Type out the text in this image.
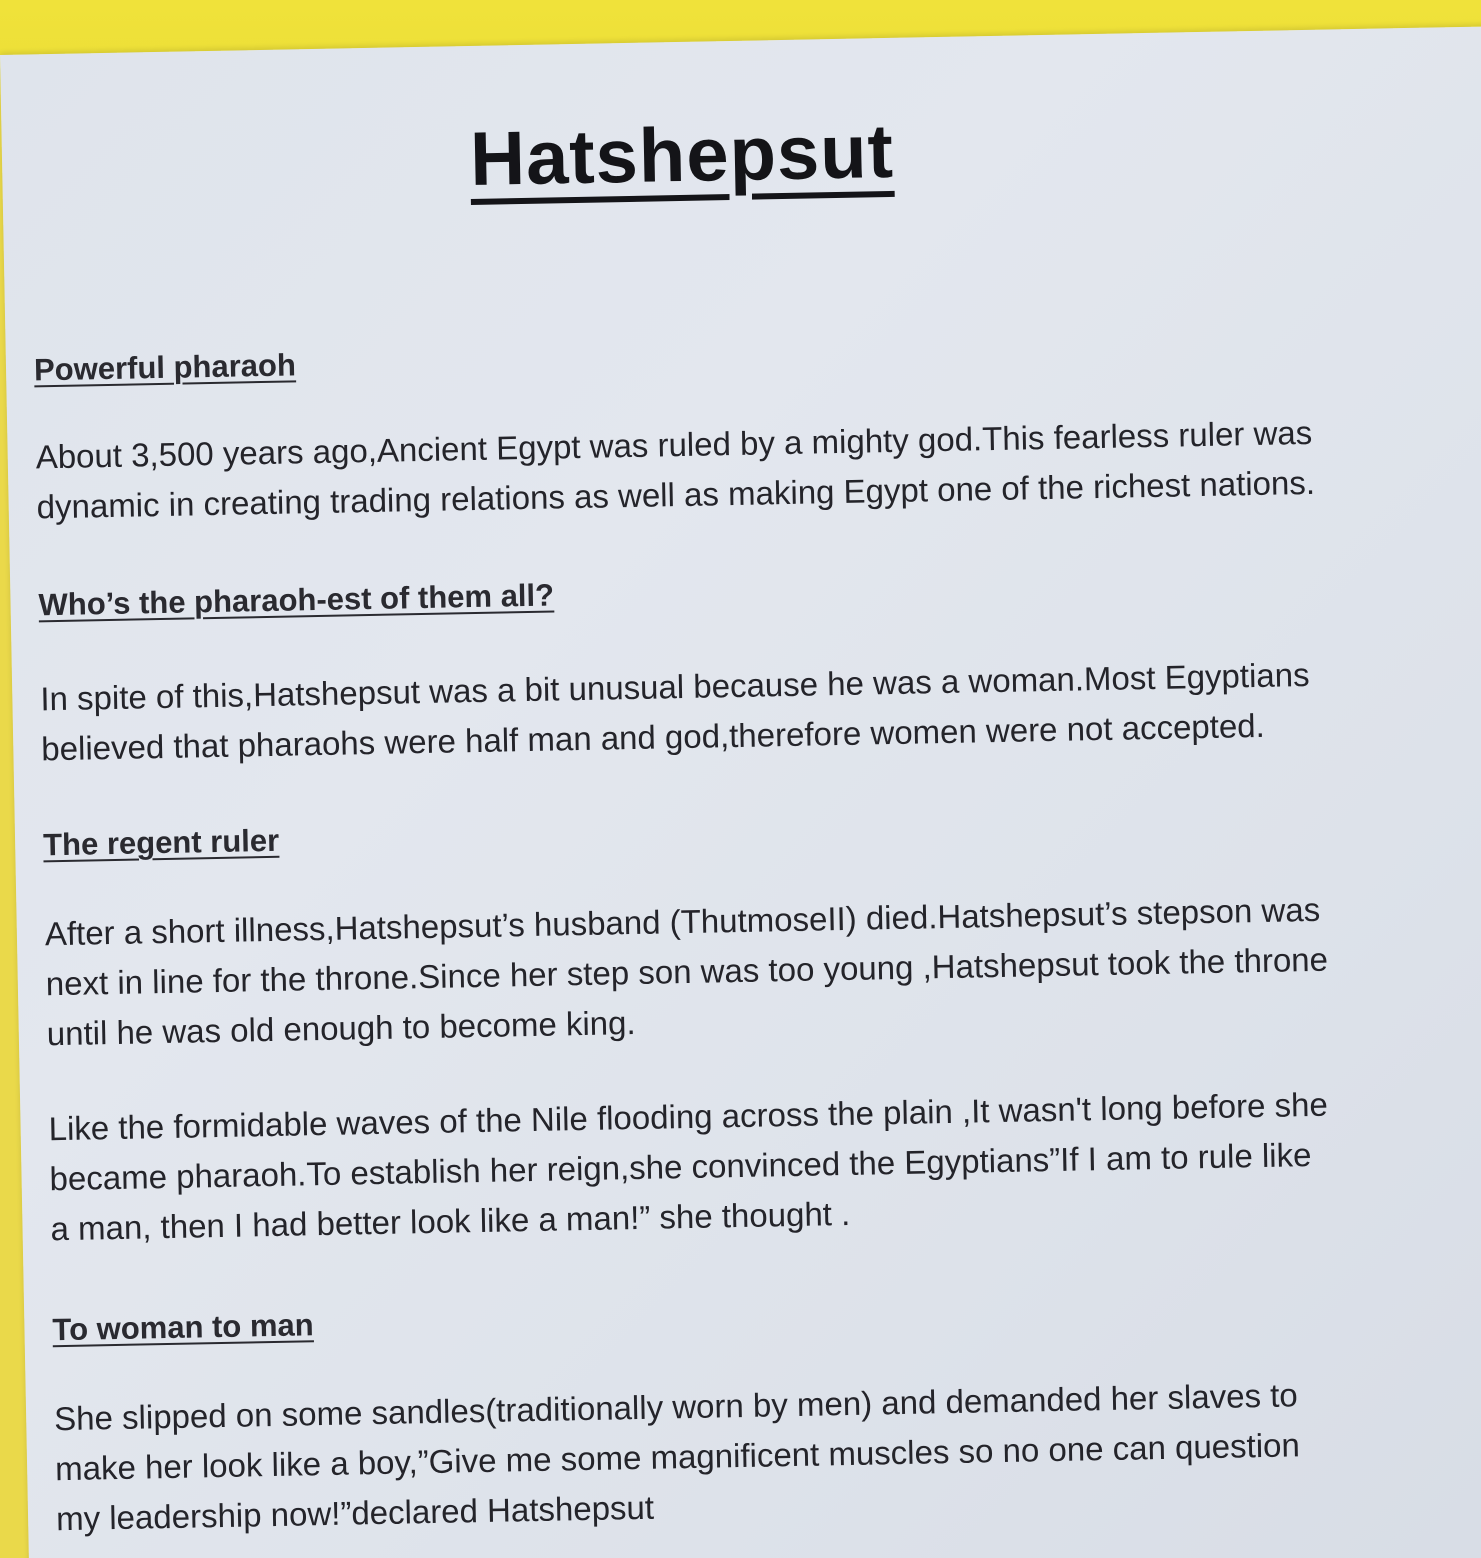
Hatshepsut
Powerful pharaoh
About 3,500 years ago,Ancient Egypt was ruled by a mighty god.This fearless ruler was
dynamic in creating trading relations as well as making Egypt one of the richest nations.
Who’s the pharaoh-est of them all?
In spite of this,Hatshepsut was a bit unusual because he was a woman.Most Egyptians
believed that pharaohs were half man and god,therefore women were not accepted.
The regent ruler
After a short illness,Hatshepsut’s husband (ThutmoseII) died.Hatshepsut’s stepson was
next in line for the throne.Since her step son was too young ,Hatshepsut took the throne
until he was old enough to become king.
Like the formidable waves of the Nile flooding across the plain ,It wasn't long before she
became pharaoh.To establish her reign,she convinced the Egyptians”If I am to rule like
a man, then I had better look like a man!” she thought .
To woman to man
She slipped on some sandles(traditionally worn by men) and demanded her slaves to
make her look like a boy,”Give me some magnificent muscles so no one can question
my leadership now!”declared Hatshepsut
